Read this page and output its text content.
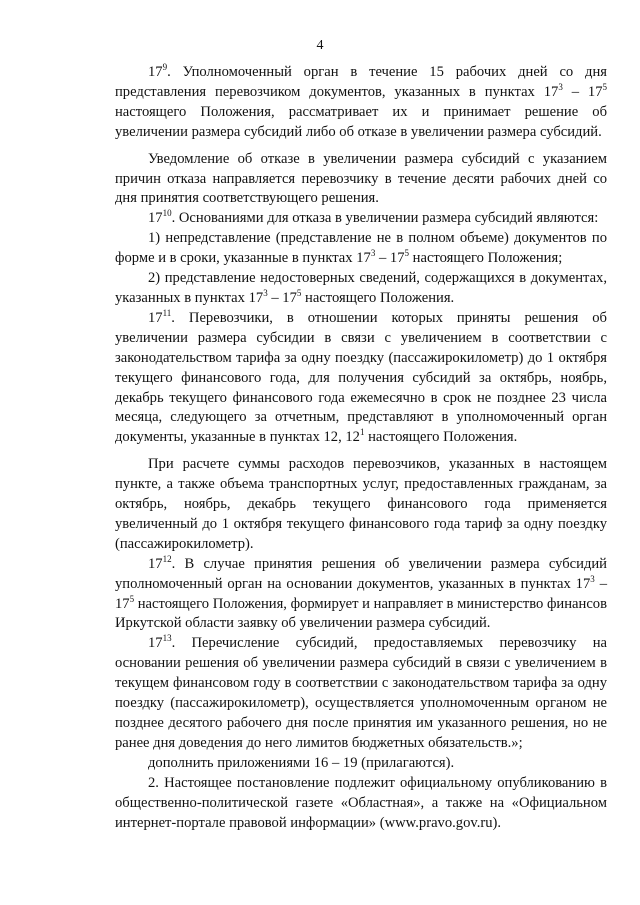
4

$17^9$. Уполномоченный орган в течение 15 рабочих дней со дня представления перевозчиком документов, указанных в пунктах $17^3 - 17^5$ настоящего Положения, рассматривает их и принимает решение об увеличении размера субсидий либо об отказе в увеличении размера субсидий.

Уведомление об отказе в увеличении размера субсидий с указанием причин отказа направляется перевозчику в течение десяти рабочих дней со дня принятия соответствующего решения.

$17^{10}$. Основаниями для отказа в увеличении размера субсидий являются:

1) непредставление (представление не в полном объеме) документов по форме и в сроки, указанные в пунктах $17^3 - 17^5$ настоящего Положения;

2) представление недостоверных сведений, содержащихся в документах, указанных в пунктах $17^3 - 17^5$ настоящего Положения.

$17^{11}$. Перевозчики, в отношении которых приняты решения об увеличении размера субсидии в связи с увеличением в соответствии с законодательством тарифа за одну поездку (пассажирокилометр) до 1 октября текущего финансового года, для получения субсидий за октябрь, ноябрь, декабрь текущего финансового года ежемесячно в срок не позднее 23 числа месяца, следующего за отчетным, представляют в уполномоченный орган документы, указанные в пунктах 12, $12^1$ настоящего Положения.

При расчете суммы расходов перевозчиков, указанных в настоящем пункте, а также объема транспортных услуг, предоставленных гражданам, за октябрь, ноябрь, декабрь текущего финансового года применяется увеличенный до 1 октября текущего финансового года тариф за одну поездку (пассажирокилометр).

$17^{12}$. В случае принятия решения об увеличении размера субсидий уполномоченный орган на основании документов, указанных в пунктах $17^3 - 17^5$ настоящего Положения, формирует и направляет в министерство финансов Иркутской области заявку об увеличении размера субсидий.

$17^{13}$. Перечисление субсидий, предоставляемых перевозчику на основании решения об увеличении размера субсидий в связи с увеличением в текущем финансовом году в соответствии с законодательством тарифа за одну поездку (пассажирокилометр), осуществляется уполномоченным органом не позднее десятого рабочего дня после принятия им указанного решения, но не ранее дня доведения до него лимитов бюджетных обязательств.»;

дополнить приложениями 16 – 19 (прилагаются).

2. Настоящее постановление подлежит официальному опубликованию в общественно-политической газете «Областная», а также на «Официальном интернет-портале правовой информации» (www.pravo.gov.ru).
